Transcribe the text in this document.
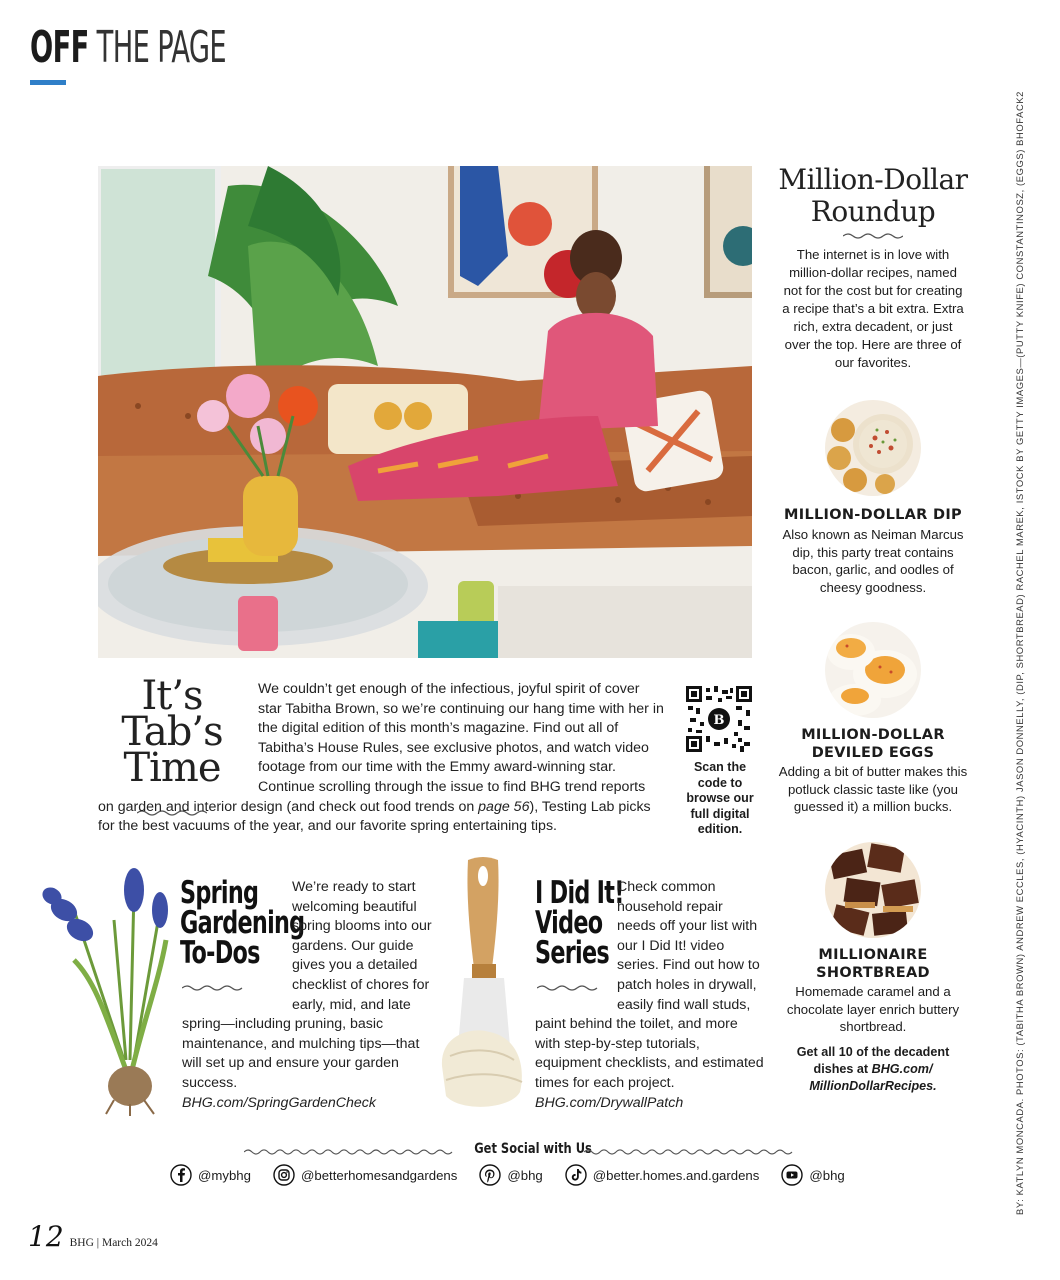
OFF THE PAGE
It’s Tab’s
Time
We couldn’t get enough of the infectious, joyful spirit of cover star Tabitha Brown, so we’re continuing our hang time with her in the digital edition of this month’s magazine. Find out all of Tabitha’s House Rules, see exclusive photos, and watch video footage from our time with the Emmy award-winning star. Continue scrolling through the issue to find BHG trend reports on garden and interior design (and check out food trends on page 56), Testing Lab picks for the best vacuums of the year, and our favorite spring entertaining tips.
B
Scan the code to browse our full digital edition.
Million-Dollar
Roundup
The internet is in love with million-dollar recipes, named not for the cost but for creating a recipe that’s a bit extra. Extra rich, extra decadent, or just over the top. Here are three of our favorites.
MILLION-DOLLAR DIP
Also known as Neiman Marcus dip, this party treat contains bacon, garlic, and oodles of cheesy goodness.
MILLION-DOLLAR
DEVILED EGGS
Adding a bit of butter makes this potluck classic taste like (you guessed it) a million bucks.
MILLIONAIRE
SHORTBREAD
Homemade caramel and a chocolate layer enrich buttery shortbread.
Get all 10 of the decadent dishes at BHG.com/ MillionDollarRecipes.	BY: KATLYN MONCADA. PHOTOS: (TABITHA BROWN) ANDREW ECCLES, (HYACINTH) JASON DONNELLY, (DIP, SHORTBREAD) RACHEL MAREK, ISTOCK BY GETTY IMAGES—(PUTTY KNIFE) CONSTANTINOSZ, (EGGS) BHOFACK2
Spring
Gardening
To-Dos
We’re ready to start welcoming beautiful spring blooms into our gardens. Our guide gives you a detailed checklist of chores for early, mid, and late spring—including pruning, basic maintenance, and mulching tips—that will set up and ensure your garden success.
BHG.com/SpringGardenCheck
I Did It!
Video
Series
Check common household repair needs off your list with our I Did It! video series. Find out how to patch holes in drywall, easily find wall studs, paint behind the toilet, and more with step-by-step tutorials, equipment checklists, and estimated times for each project.
BHG.com/DrywallPatch
Get Social with Us
@mybhg	@betterhomesandgardens	@bhg	@better.homes.and.gardens	@bhg
12 BHG | March 2024
